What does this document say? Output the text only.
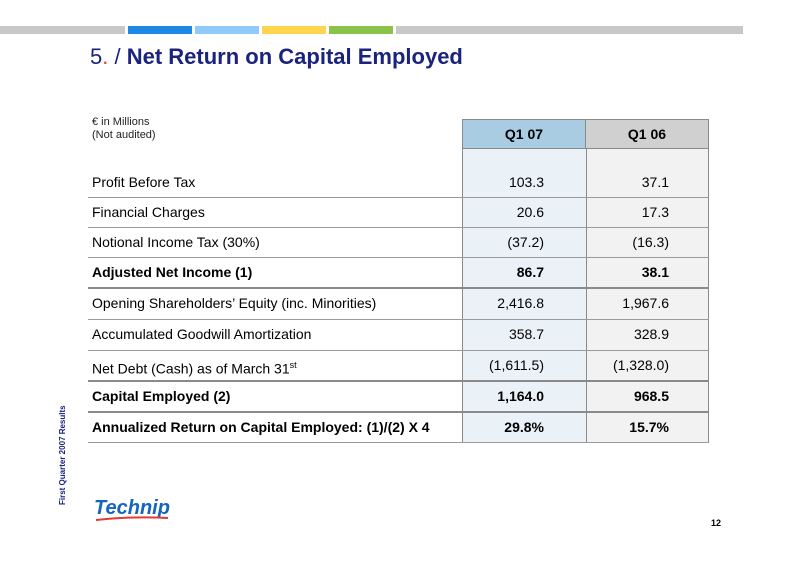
5. / Net Return on Capital Employed
€ in Millions
(Not audited)	Q1 07	Q1 06
Profit Before Tax	103.3	37.1
Financial Charges	20.6	17.3
Notional Income Tax (30%)	(37.2)	(16.3)
Adjusted Net Income (1)	86.7	38.1
Opening Shareholders’ Equity (inc. Minorities)	2,416.8	1,967.6
Accumulated Goodwill Amortization	358.7	328.9
Net Debt (Cash) as of March 31st	(1,611.5)	(1,328.0)
Capital Employed (2)	1,164.0	968.5
Annualized Return on Capital Employed: (1)/(2) X 4	29.8%	15.7%
First Quarter 2007 Results
Technip
12
